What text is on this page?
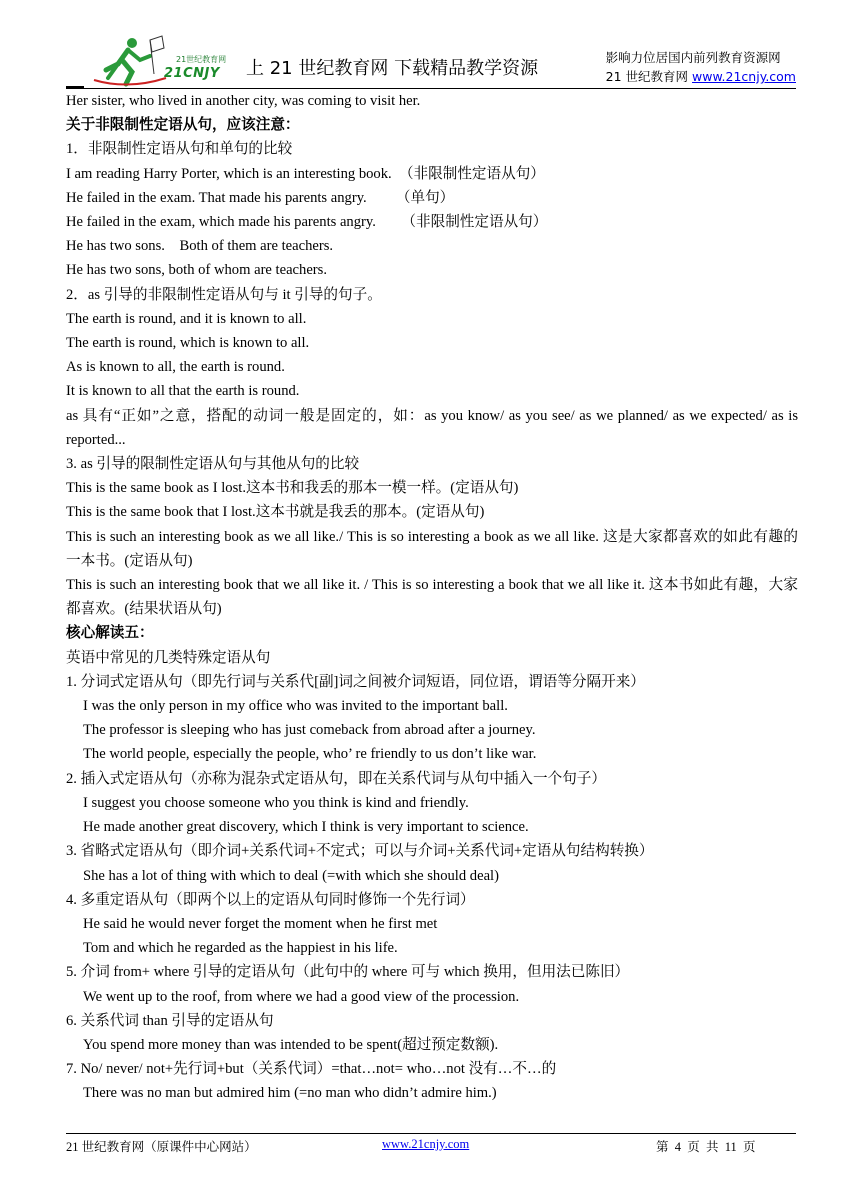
21世纪教育网
21CNJY 上 21 世纪教育网 下载精品教学资源
影响力位居国内前列教育资源网
21 世纪教育网 www.21cnjy.com

Her sister, who lived in another city, was coming to visit her.

关于非限制性定语从句，应该注意：

1．非限制性定语从句和单句的比较

I am reading Harry Porter, which is an interesting book.  （非限制性定语从句）

He failed in the exam. That made his parents angry.        （单句）

He failed in the exam, which made his parents angry.       （非限制性定语从句）

He has two sons.    Both of them are teachers.

He has two sons, both of whom are teachers.

2．as 引导的非限制性定语从句与 it 引导的句子。

The earth is round, and it is known to all.

The earth is round, which is known to all.

As is known to all, the earth is round.

It is known to all that the earth is round.

as 具有“正如”之意，搭配的动词一般是固定的，如：as you know/ as you see/ as we planned/ as we expected/ as is reported...

3. as 引导的限制性定语从句与其他从句的比较

This is the same book as I lost.这本书和我丢的那本一模一样。(定语从句)

This is the same book that I lost.这本书就是我丢的那本。(定语从句)

This is such an interesting book as we all like./ This is so interesting a book as we all like. 这是大家都喜欢的如此有趣的一本书。(定语从句)

This is such an interesting book that we all like it. / This is so interesting a book that we all like it. 这本书如此有趣，大家都喜欢。(结果状语从句)

核心解读五：

英语中常见的几类特殊定语从句

1. 分词式定语从句（即先行词与关系代[副]词之间被介词短语，同位语，谓语等分隔开来）

I was the only person in my office who was invited to the important ball.

The professor is sleeping who has just comeback from abroad after a journey.

The world people, especially the people, who’ re friendly to us don’t like war.

2. 插入式定语从句（亦称为混杂式定语从句，即在关系代词与从句中插入一个句子）

I suggest you choose someone who you think is kind and friendly.

He made another great discovery, which I think is very important to science.

3. 省略式定语从句（即介词+关系代词+不定式；可以与介词+关系代词+定语从句结构转换）

She has a lot of thing with which to deal (=with which she should deal)

4. 多重定语从句（即两个以上的定语从句同时修饰一个先行词）

He said he would never forget the moment when he first met

Tom and which he regarded as the happiest in his life.

5. 介词 from+ where 引导的定语从句（此句中的 where 可与 which 换用，但用法已陈旧）

We went up to the roof, from where we had a good view of the procession.

6. 关系代词 than 引导的定语从句

You spend more money than was intended to be spent(超过预定数额).

7. No/ never/ not+先行词+but（关系代词）=that…not= who…not 没有…不…的

There was no man but admired him (=no man who didn’t admire him.)

21 世纪教育网（原课件中心网站）	www.21cnjy.com	第  4  页  共  11  页
